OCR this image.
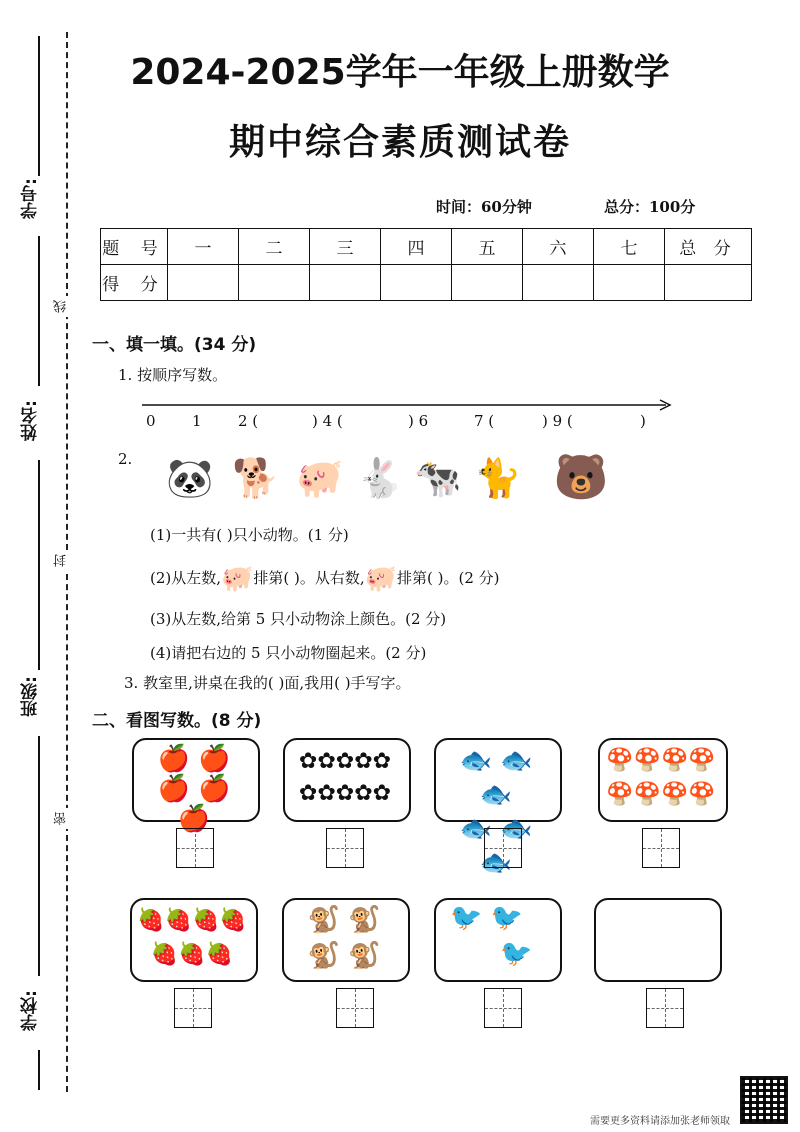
学号:
姓名:
班级:
学校:
线
封
密
2024-2025学年一年级上册数学
期中综合素质测试卷
时间：60分钟	总分：100分
题 号	一	二	三	四	五	六	七	总 分
得 分								
一、填一填。(34 分)
1. 按顺序写数。
0 1 2 (	) 4 (	) 6	7 (	) 9 (	)
2. 🐼 🐕 🐖 🐇 🐄 🐈 🐻
(1)一共有( )只小动物。(1 分)
(2)从左数,🐖排第( )。从右数,🐖排第( )。(2 分)
(3)从左数,给第 5 只小动物涂上颜色。(2 分)
(4)请把右边的 5 只小动物圈起来。(2 分)
3. 教室里,讲桌在我的( )面,我用( )手写字。
二、看图写数。(8 分)
🍎 🍎
🍎 🍎 🍎
✿✿✿✿✿
✿✿✿✿✿
🐟 🐟 🐟
🐟 🐟 🐟
🍄🍄🍄🍄
🍄🍄🍄🍄
🍓🍓🍓🍓
🍓🍓🍓
🐒 🐒
🐒 🐒
🐦 🐦
🐦
需要更多资料请添加张老师领取
